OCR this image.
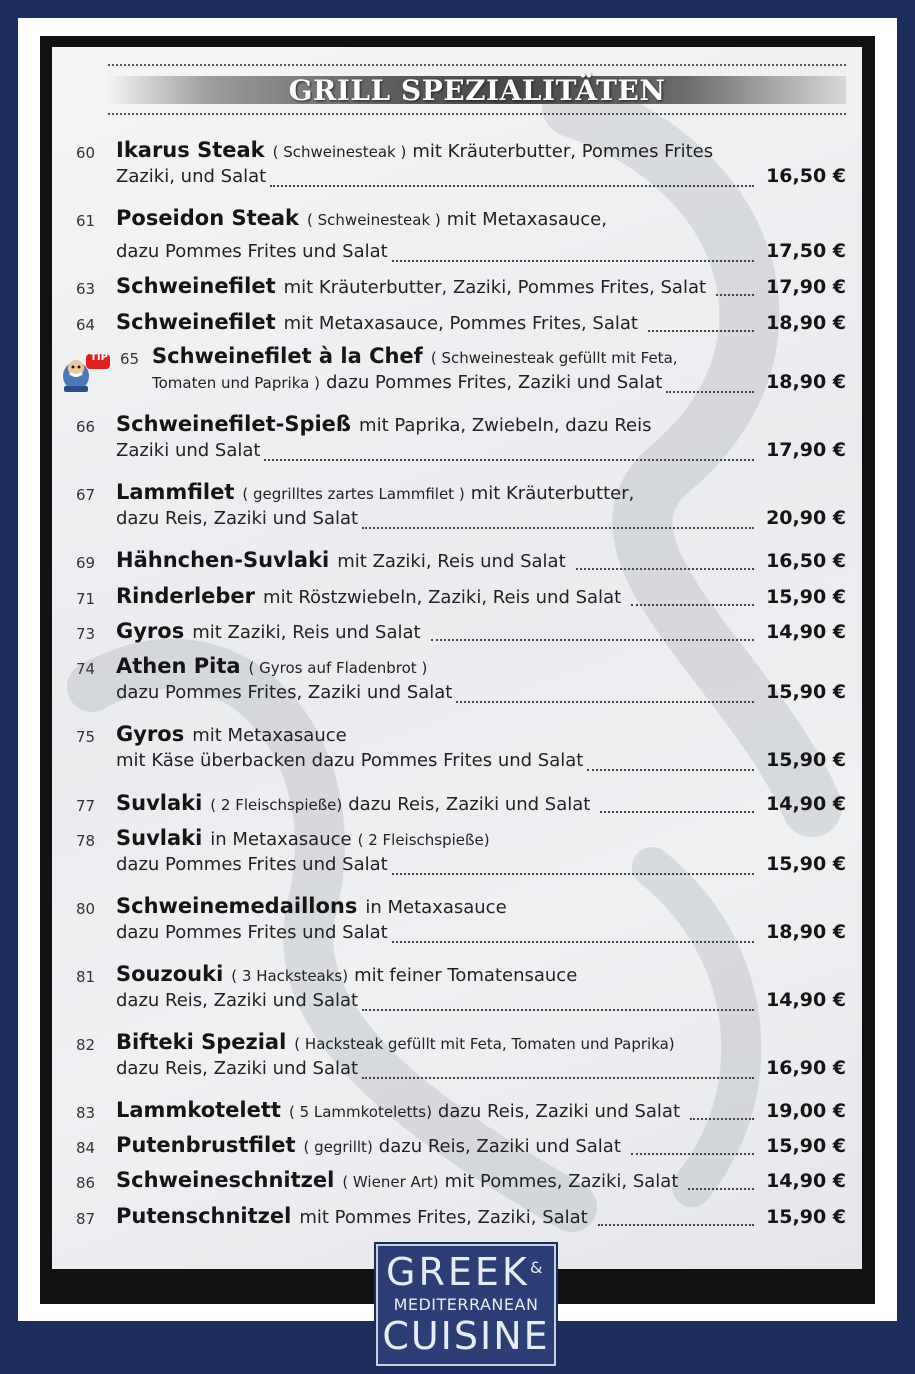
GRILL SPEZIALITÄTEN
TIP
60 Ikarus Steak ( Schweinesteak ) mit Kräuterbutter, Pommes Frites
Zaziki, und Salat	16,50 €
61 Poseidon Steak ( Schweinesteak ) mit Metaxasauce,
dazu Pommes Frites und Salat	17,50 €
63 Schweinefilet mit Kräuterbutter, Zaziki, Pommes Frites, Salat	17,90 €
64 Schweinefilet mit Metaxasauce, Pommes Frites, Salat	18,90 €
65 Schweinefilet à la Chef ( Schweinesteak gefüllt mit Feta,
Tomaten und Paprika ) dazu Pommes Frites, Zaziki und Salat	18,90 €
66 Schweinefilet-Spieß mit Paprika, Zwiebeln, dazu Reis
Zaziki und Salat	17,90 €
67 Lammfilet ( gegrilltes zartes Lammfilet ) mit Kräuterbutter,
dazu Reis, Zaziki und Salat	20,90 €
69 Hähnchen-Suvlaki mit Zaziki, Reis und Salat	16,50 €
71 Rinderleber mit Röstzwiebeln, Zaziki, Reis und Salat	15,90 €
73 Gyros mit Zaziki, Reis und Salat	14,90 €
74 Athen Pita ( Gyros auf Fladenbrot )
dazu Pommes Frites, Zaziki und Salat	15,90 €
75 Gyros mit Metaxasauce
mit Käse überbacken dazu Pommes Frites und Salat	15,90 €
77 Suvlaki ( 2 Fleischspieße) dazu Reis, Zaziki und Salat	14,90 €
78 Suvlaki in Metaxasauce ( 2 Fleischspieße)
dazu Pommes Frites und Salat	15,90 €
80 Schweinemedaillons in Metaxasauce
dazu Pommes Frites und Salat	18,90 €
81 Souzouki ( 3 Hacksteaks) mit feiner Tomatensauce
dazu Reis, Zaziki und Salat	14,90 €
82 Bifteki Spezial ( Hacksteak gefüllt mit Feta, Tomaten und Paprika)
dazu Reis, Zaziki und Salat	16,90 €
83 Lammkotelett ( 5 Lammkoteletts) dazu Reis, Zaziki und Salat	19,00 €
84 Putenbrustfilet ( gegrillt) dazu Reis, Zaziki und Salat	15,90 €
86 Schweineschnitzel ( Wiener Art) mit Pommes, Zaziki, Salat	14,90 €
87 Putenschnitzel mit Pommes Frites, Zaziki, Salat	15,90 €
GREEK &
MEDITERRANEAN
CUISINE
